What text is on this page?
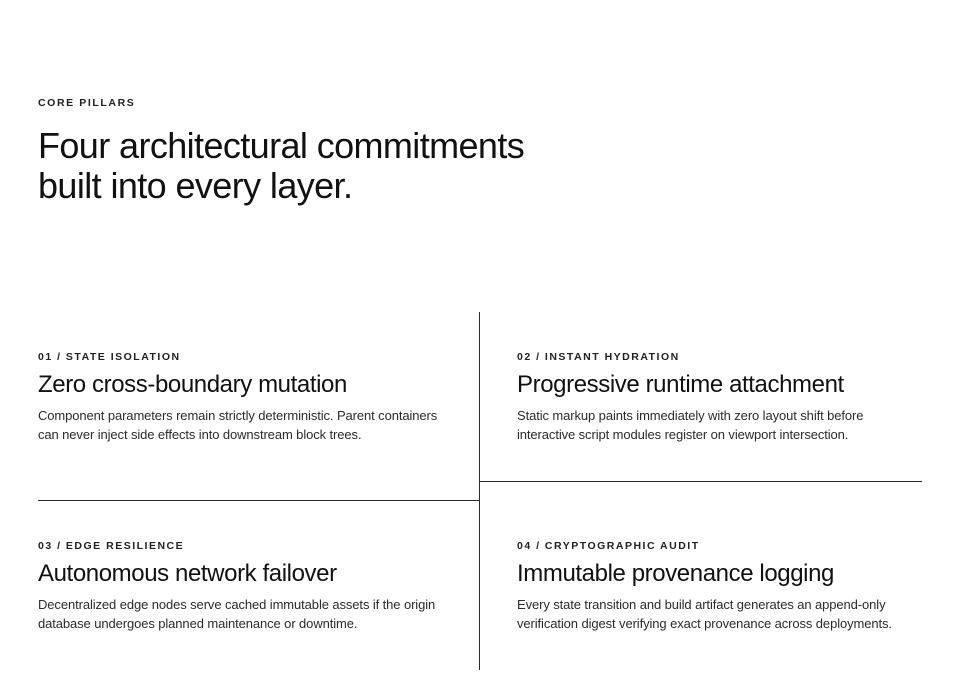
CORE PILLARS
Four architectural commitments built into every layer.

01 / STATE ISOLATION

Zero cross-boundary mutation

Component parameters remain strictly deterministic. Parent containers can never inject side effects into downstream block trees.

02 / INSTANT HYDRATION

Progressive runtime attachment

Static markup paints immediately with zero layout shift before interactive script modules register on viewport intersection.

03 / EDGE RESILIENCE

Autonomous network failover

Decentralized edge nodes serve cached immutable assets if the origin database undergoes planned maintenance or downtime.

04 / CRYPTOGRAPHIC AUDIT

Immutable provenance logging

Every state transition and build artifact generates an append-only verification digest verifying exact provenance across deployments.
